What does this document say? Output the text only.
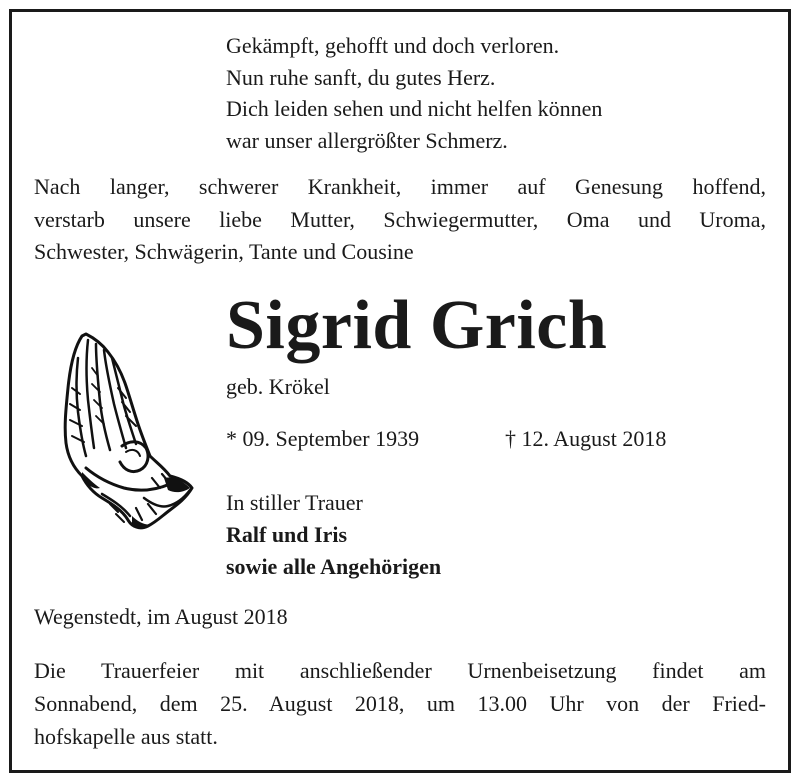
Gekämpft, gehofft und doch verloren.
Nun ruhe sanft, du gutes Herz.
Dich leiden sehen und nicht helfen können
war unser allergrößter Schmerz.
Nach langer, schwerer Krankheit, immer auf Genesung hoffend,
verstarb unsere liebe Mutter, Schwiegermutter, Oma und Uroma,
Schwester, Schwägerin, Tante und Cousine
Sigrid Grich
geb. Krökel
* 09. September 1939	† 12. August 2018
In stiller Trauer
Ralf und Iris
sowie alle Angehörigen
Wegenstedt, im August 2018
Die Trauerfeier mit anschließender Urnenbeisetzung findet am
Sonnabend, dem 25. August 2018, um 13.00 Uhr von der Fried-
hofskapelle aus statt.
